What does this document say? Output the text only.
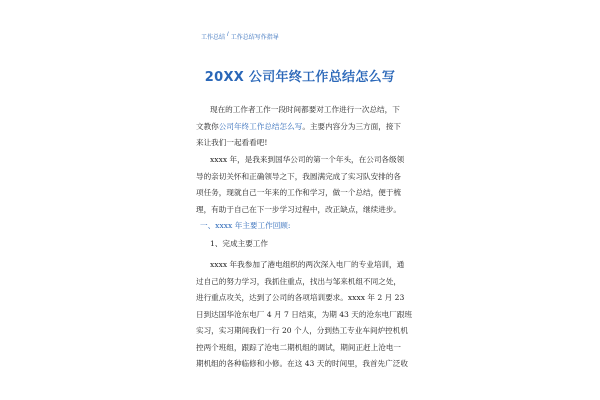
工作总结 / 工作总结写作指导
20XX 公司年终工作总结怎么写
现在的工作者工作一段时间都要对工作进行一次总结，下
文教你公司年终工作总结怎么写。主要内容分为三方面，接下
来让我们一起看看吧!
xxxx 年，是我来到国华公司的第一个年头，在公司各级领
导的亲切关怀和正确领导之下，我圆满完成了实习队安排的各
项任务，现就自己一年来的工作和学习，做一个总结，便于梳
理，有助于自己在下一步学习过程中，改正缺点，继续进步。
一、xxxx 年主要工作回顾:
1、完成主要工作
xxxx 年我参加了港电组织的两次深入电厂的专业培训，通
过自己的努力学习，我抓住重点，找出与邹来机组不同之处，
进行重点攻关，达到了公司的各项培训要求。xxxx 年 2 月 23
日到达国华沧东电厂 4 月 7 日结束，为期 43 天的沧东电厂跟班
实习，实习期间我们一行 20 个人，分到热工专业车间炉控机机
控两个班组，跟踪了沧电二期机组的调试，期间正赶上沧电一
期机组的各种临修和小修。在这 43 天的时间里，我首先广泛收
